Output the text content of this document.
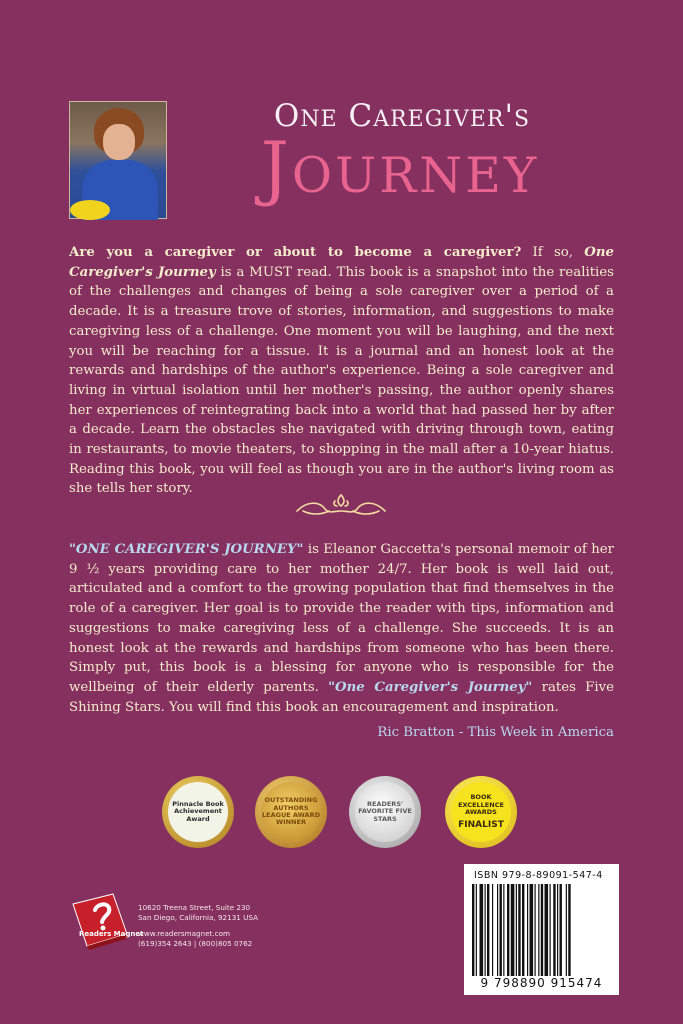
One Caregiver's
Journey
Are you a caregiver or about to become a caregiver? If so, One Caregiver's Journey is a MUST read. This book is a snapshot into the realities of the challenges and changes of being a sole caregiver over a period of a decade. It is a treasure trove of stories, information, and suggestions to make caregiving less of a challenge. One moment you will be laughing, and the next you will be reaching for a tissue. It is a journal and an honest look at the rewards and hardships of the author's experience. Being a sole caregiver and living in virtual isolation until her mother's passing, the author openly shares her experiences of reintegrating back into a world that had passed her by after a decade. Learn the obstacles she navigated with driving through town, eating in restaurants, to movie theaters, to shopping in the mall after a 10-year hiatus. Reading this book, you will feel as though you are in the author's living room as she tells her story.
"ONE CAREGIVER'S JOURNEY" is Eleanor Gaccetta's personal memoir of her 9 ½ years providing care to her mother 24/7. Her book is well laid out, articulated and a comfort to the growing population that find themselves in the role of a caregiver. Her goal is to provide the reader with tips, information and suggestions to make caregiving less of a challenge. She succeeds. It is an honest look at the rewards and hardships from someone who has been there. Simply put, this book is a blessing for anyone who is responsible for the wellbeing of their elderly parents. "One Caregiver's Journey" rates Five Shining Stars. You will find this book an encouragement and inspiration.
Ric Bratton - This Week in America
Pinnacle Book Achievement Award
OUTSTANDING AUTHORS LEAGUE AWARD WINNER
READERS' FAVORITE FIVE STARS
BOOK EXCELLENCE AWARDS
FINALIST
Readers Magnet
10620 Treena Street, Suite 230
San Diego, California, 92131 USA
www.readersmagnet.com
(619)354 2643 | (800)805 0762
ISBN 979-8-89091-547-4
9 798890 915474
